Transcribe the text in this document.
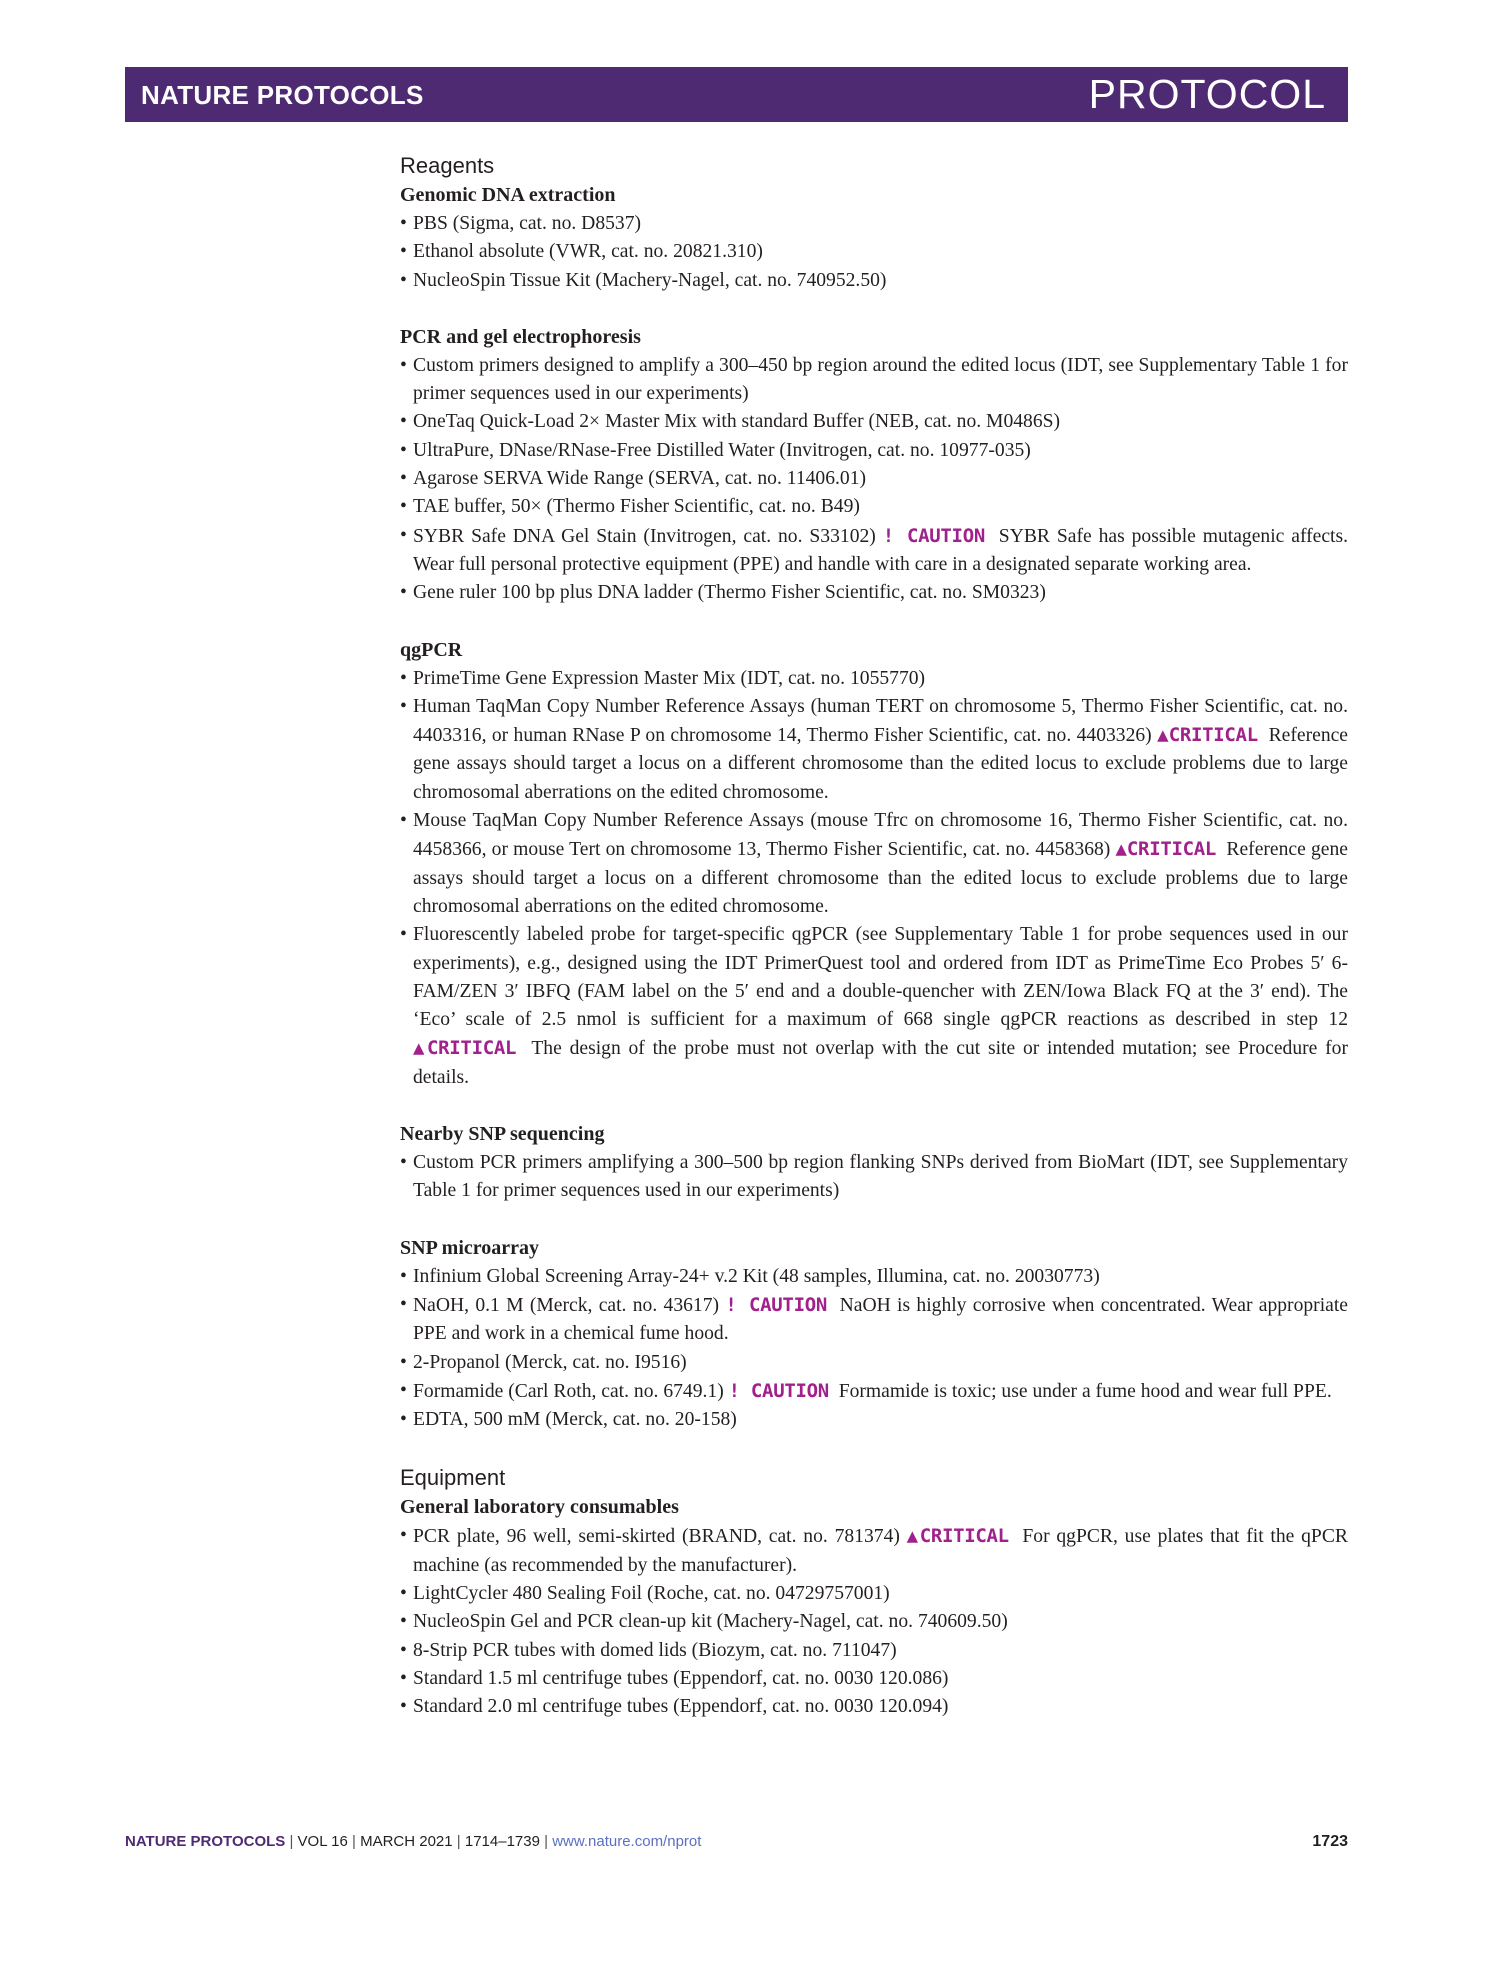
NATURE PROTOCOLS	PROTOCOL
Reagents
Genomic DNA extraction
• PBS (Sigma, cat. no. D8537)
• Ethanol absolute (VWR, cat. no. 20821.310)
• NucleoSpin Tissue Kit (Machery-Nagel, cat. no. 740952.50)
PCR and gel electrophoresis
• Custom primers designed to amplify a 300–450 bp region around the edited locus (IDT, see Supplementary Table 1 for primer sequences used in our experiments)
• OneTaq Quick-Load 2× Master Mix with standard Buffer (NEB, cat. no. M0486S)
• UltraPure, DNase/RNase-Free Distilled Water (Invitrogen, cat. no. 10977-035)
• Agarose SERVA Wide Range (SERVA, cat. no. 11406.01)
• TAE buffer, 50× (Thermo Fisher Scientific, cat. no. B49)
• SYBR Safe DNA Gel Stain (Invitrogen, cat. no. S33102) ! CAUTION SYBR Safe has possible mutagenic affects. Wear full personal protective equipment (PPE) and handle with care in a designated separate working area.
• Gene ruler 100 bp plus DNA ladder (Thermo Fisher Scientific, cat. no. SM0323)
qgPCR
• PrimeTime Gene Expression Master Mix (IDT, cat. no. 1055770)
• Human TaqMan Copy Number Reference Assays (human TERT on chromosome 5, Thermo Fisher Scientific, cat. no. 4403316, or human RNase P on chromosome 14, Thermo Fisher Scientific, cat. no. 4403326) ▲CRITICAL Reference gene assays should target a locus on a different chromosome than the edited locus to exclude problems due to large chromosomal aberrations on the edited chromosome.
• Mouse TaqMan Copy Number Reference Assays (mouse Tfrc on chromosome 16, Thermo Fisher Scientific, cat. no. 4458366, or mouse Tert on chromosome 13, Thermo Fisher Scientific, cat. no. 4458368) ▲CRITICAL Reference gene assays should target a locus on a different chromosome than the edited locus to exclude problems due to large chromosomal aberrations on the edited chromosome.
• Fluorescently labeled probe for target-specific qgPCR (see Supplementary Table 1 for probe sequences used in our experiments), e.g., designed using the IDT PrimerQuest tool and ordered from IDT as PrimeTime Eco Probes 5′ 6-FAM/ZEN 3′ IBFQ (FAM label on the 5′ end and a double-quencher with ZEN/Iowa Black FQ at the 3′ end). The ‘Eco’ scale of 2.5 nmol is sufficient for a maximum of 668 single qgPCR reactions as described in step 12 ▲CRITICAL The design of the probe must not overlap with the cut site or intended mutation; see Procedure for details.
Nearby SNP sequencing
• Custom PCR primers amplifying a 300–500 bp region flanking SNPs derived from BioMart (IDT, see Supplementary Table 1 for primer sequences used in our experiments)
SNP microarray
• Infinium Global Screening Array-24+ v.2 Kit (48 samples, Illumina, cat. no. 20030773)
• NaOH, 0.1 M (Merck, cat. no. 43617) ! CAUTION NaOH is highly corrosive when concentrated. Wear appropriate PPE and work in a chemical fume hood.
• 2-Propanol (Merck, cat. no. I9516)
• Formamide (Carl Roth, cat. no. 6749.1) ! CAUTION Formamide is toxic; use under a fume hood and wear full PPE.
• EDTA, 500 mM (Merck, cat. no. 20-158)
Equipment
General laboratory consumables
• PCR plate, 96 well, semi-skirted (BRAND, cat. no. 781374) ▲CRITICAL For qgPCR, use plates that fit the qPCR machine (as recommended by the manufacturer).
• LightCycler 480 Sealing Foil (Roche, cat. no. 04729757001)
• NucleoSpin Gel and PCR clean-up kit (Machery-Nagel, cat. no. 740609.50)
• 8-Strip PCR tubes with domed lids (Biozym, cat. no. 711047)
• Standard 1.5 ml centrifuge tubes (Eppendorf, cat. no. 0030 120.086)
• Standard 2.0 ml centrifuge tubes (Eppendorf, cat. no. 0030 120.094)
NATURE PROTOCOLS | VOL 16 | MARCH 2021 | 1714–1739 | www.nature.com/nprot	1723
